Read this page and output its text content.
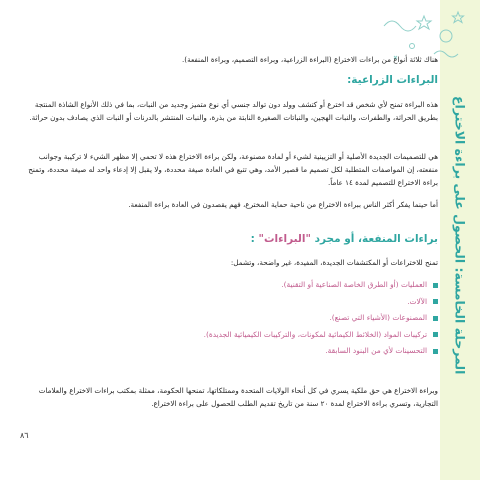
المرحلة الخامسة: الحصول على براءة الاختراع

هناك ثلاثة أنواع من براءات الاختراع (البراءة الزراعية، وبراءة التصميم، وبراءة المنفعة).

البراءات الزراعية:

هذه البراءة تمنح لأي شخص قد اخترع أو كتشف وولد دون توالد جنسي أي نوع متميز وجديد من النبات، بما في ذلك الأنواع الشاذة المنتجة بطريق الحراثة، والطفرات، والنبات الهجين، والنباتات الصغيرة النابتة من بذرة، والنبات المنتشر بالدرنات أو النبات الذي يصادف بدون حراثة.

هي للتصميمات الجديدة الأصلية أو التزيينية لشيء أو لمادة مصنوعة، ولكن براءة الاختراع هذه لا تحمي إلا مظهر الشيء لا تركيبة وجوانب منفعته، إن المواصفات المتطلبة لكل تصميم ما قصير الأمد، وهي تتبع في العادة صيغة محددة، ولا يقبل إلا إدعاء واحد له صيغة محددة، وتمنح براءة الاختراع للتصميم لمدة ١٤ عاماً.

أما حينما يفكر أكثر الناس ببراءة الاختراع من ناحية حماية المخترع، فهم يقصدون في العادة براءة المنفعة.

براءات المنفعة، أو مجرد "البراءات" :

تمنح للاختراعات أو المكتشفات الجديدة، المفيدة، غير واضحة، وتشمل:

العمليات (أو الطرق الخاصة الصناعية أو التقنية).
الآلات.
المصنوعات (الأشياء التي تصنع).
تركيبات المواد (الخلائط الكيمائية لمكونات، والتركيبات الكيميائية الجديدة).
التحسينات لأي من البنود السابقة.

وبراءة الاختراع هي حق ملكية يسري في كل أنحاء الولايات المتحدة وممتلكاتها، تمنحها الحكومة، ممثلة بمكتب براءات الاختراع والعلامات التجارية، وتسري براءة الاختراع لمدة ٢٠ سنة من تاريخ تقديم الطلب للحصول على براءة الاختراع.

٨٦
